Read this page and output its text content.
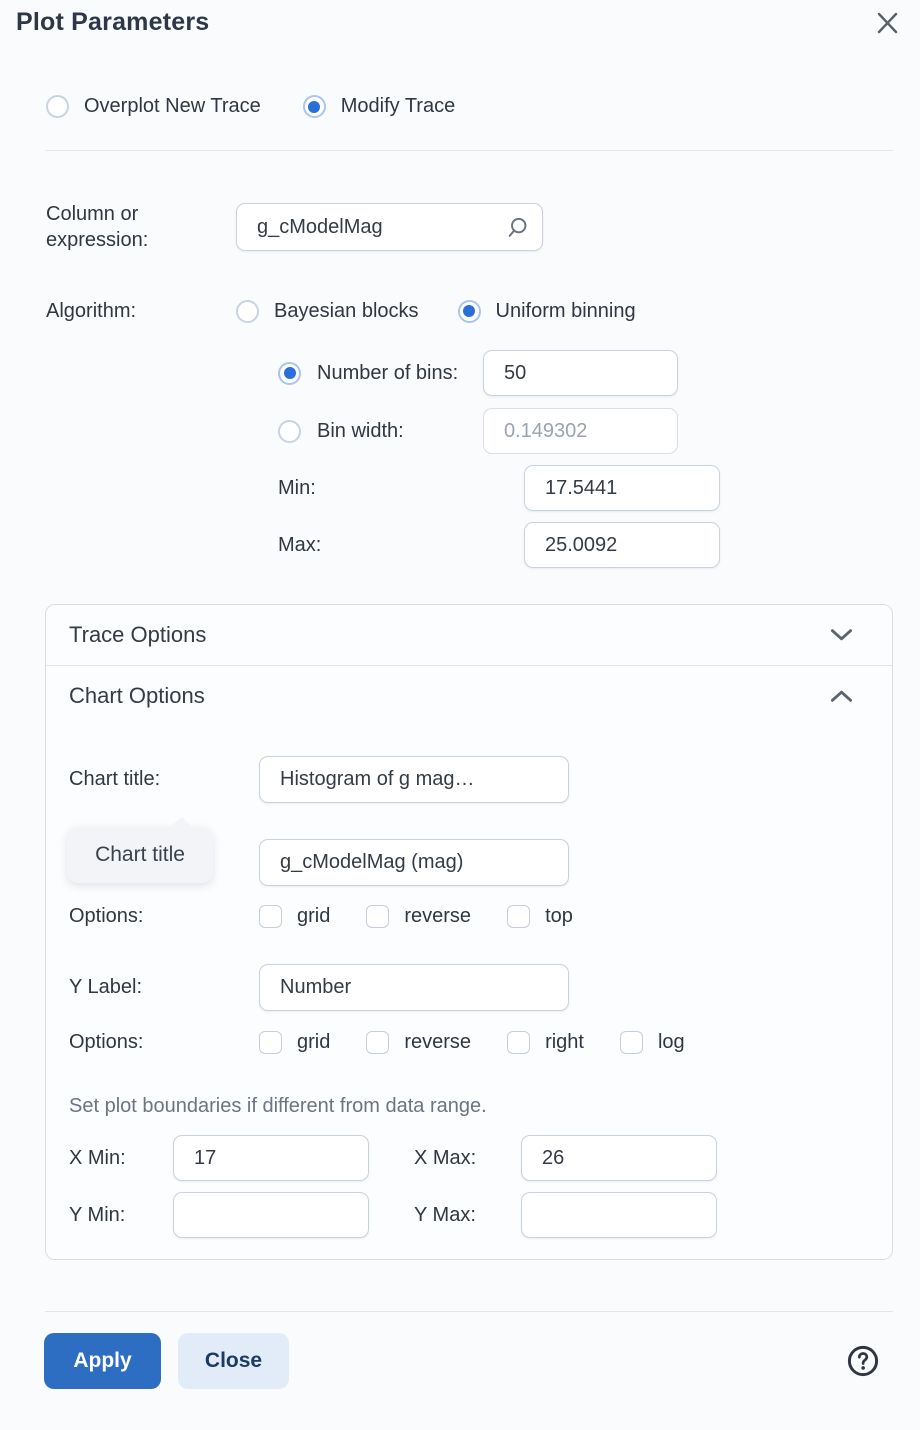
Plot Parameters
Overplot New Trace	Modify Trace
Column or expression:
g_cModelMag
Algorithm:	Bayesian blocks	Uniform binning
Number of bins:
50
Bin width:
0.149302
Min:
17.5441
Max:
25.0092
Trace Options
Chart Options
Chart title:
Histogram of g mag…
Chart title
g_cModelMag (mag)
Options:	grid	reverse	top
Y Label:
Number
Options:	grid	reverse	right	log
Set plot boundaries if different from data range.
X Min:
17	X Max:
26
Y Min:	Y Max:
Apply	Close
